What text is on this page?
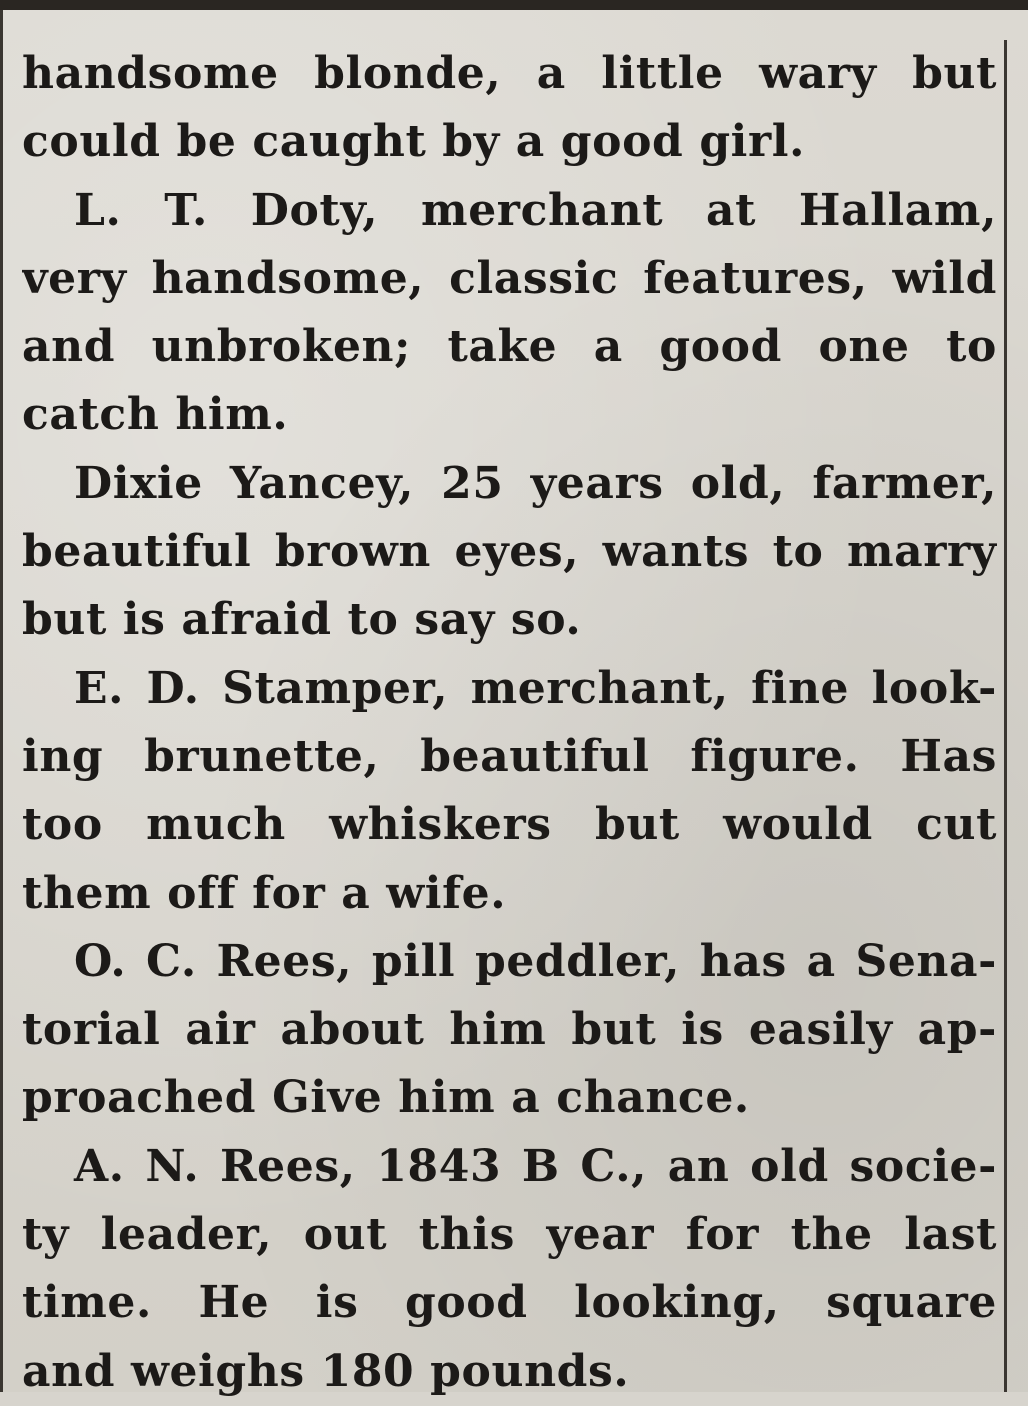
handsome blonde, a little wary but
could be caught by a good girl.
L. T. Doty, merchant at Hallam,
very handsome, classic features, wild
and unbroken; take a good one to
catch him.
Dixie Yancey, 25 years old, farmer,
beautiful brown eyes, wants to marry
but is afraid to say so.
E. D. Stamper, merchant, fine look-
ing brunette, beautiful figure. Has
too much whiskers but would cut
them off for a wife.
O. C. Rees, pill peddler, has a Sena-
torial air about him but is easily ap-
proached Give him a chance.
A. N. Rees, 1843 B C., an old socie-
ty leader, out this year for the last
time. He is good looking, square
and weighs 180 pounds.
